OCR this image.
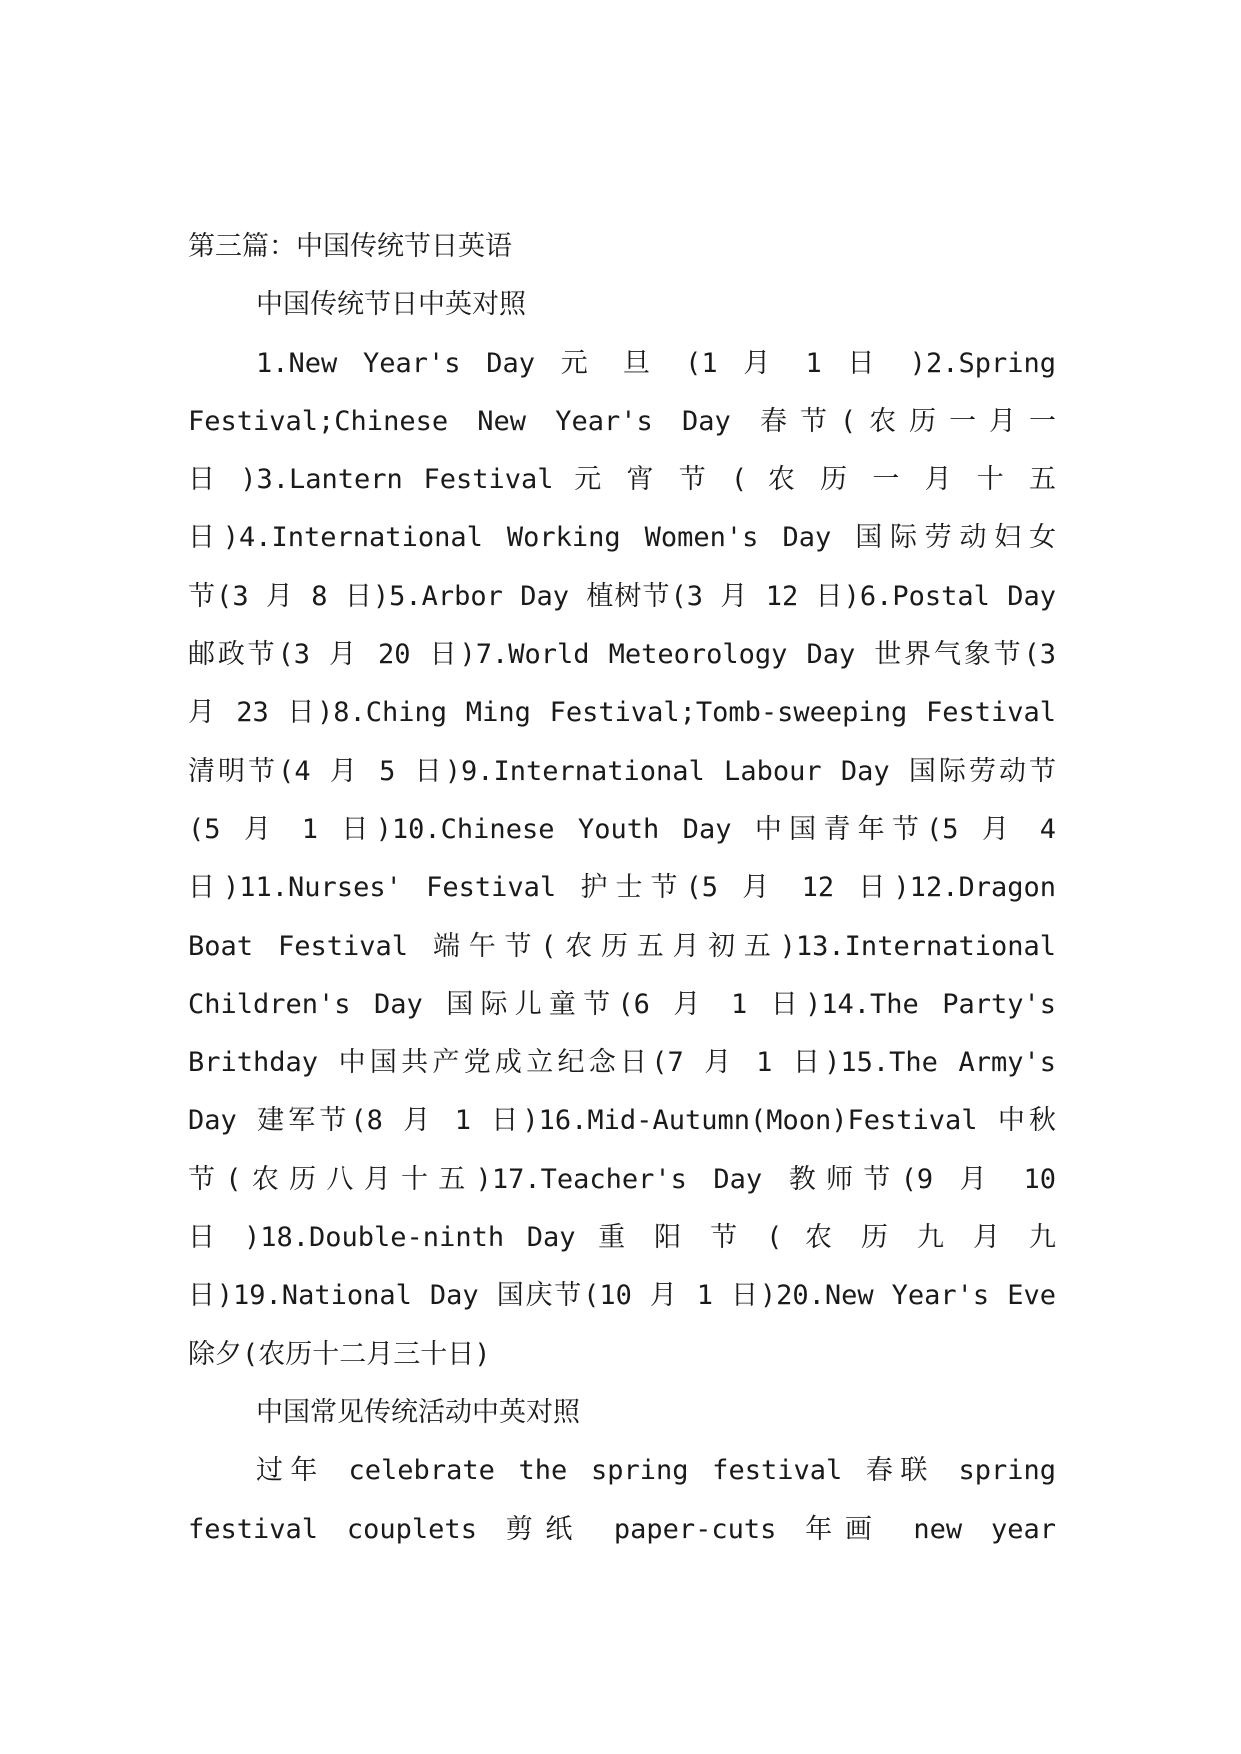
第三篇：中国传统节日英语
中国传统节日中英对照
1.New Year's Day 元 旦 (1 月 1 日 )2.Spring
Festival;Chinese New Year's Day 春节(农历一月一
日 )3.Lantern Festival 元 宵 节 ( 农 历 一 月 十 五
日)4.International Working Women's Day 国际劳动妇女
节(3 月 8 日)5.Arbor Day 植树节(3 月 12 日)6.Postal Day
邮政节(3 月 20 日)7.World Meteorology Day 世界气象节(3
月 23 日)8.Ching Ming Festival;Tomb-sweeping Festival
清明节(4 月 5 日)9.International Labour Day 国际劳动节
(5 月 1 日)10.Chinese Youth Day 中国青年节(5 月 4
日)11.Nurses' Festival 护士节(5 月 12 日)12.Dragon
Boat Festival 端午节(农历五月初五)13.International
Children's Day 国际儿童节(6 月 1 日)14.The Party's
Brithday 中国共产党成立纪念日(7 月 1 日)15.The Army's
Day 建军节(8 月 1 日)16.Mid-Autumn(Moon)Festival 中秋
节(农历八月十五)17.Teacher's Day 教师节(9 月 10
日 )18.Double-ninth Day 重 阳 节 ( 农 历 九 月 九
日)19.National Day 国庆节(10 月 1 日)20.New Year's Eve
除夕(农历十二月三十日)
中国常见传统活动中英对照
过年 celebrate the spring festival 春联 spring
festival couplets 剪纸 paper-cuts 年画 new year
